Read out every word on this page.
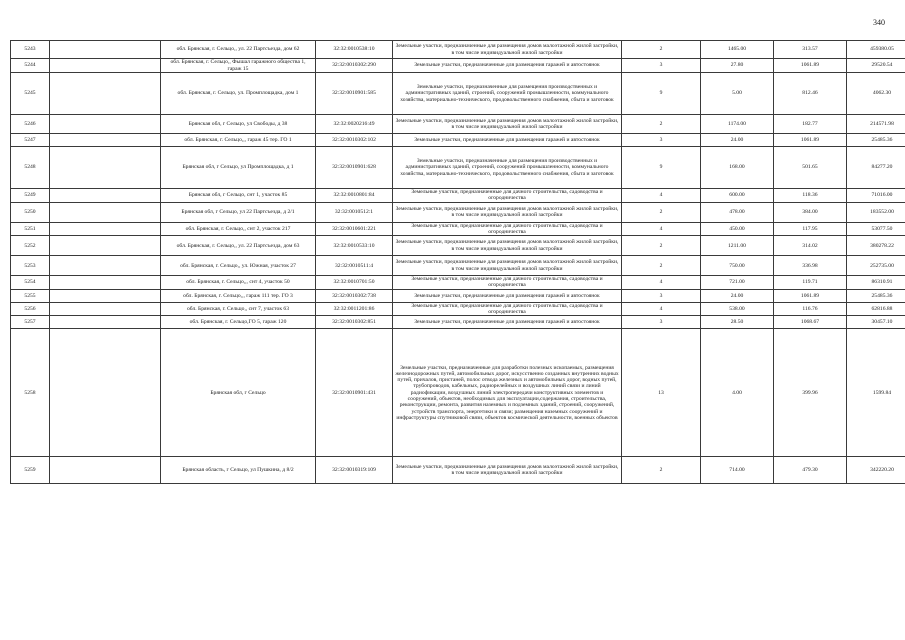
340
5243		обл. Брянская, г. Сельцо,, ул. 22 Партсъезда, дом 62	32:32:0010538:10	Земельные участки, предназначенные для размещения домов малоэтажной жилой застройки, в том числе индивидуальной жилой застройки	2	1465.00	313.57	459380.05
5244		обл. Брянская, г. Сельцо,, Фышал гаражного общества 1, гараж 15	32:32:0010302:290	Земельные участки, предназначенные для размещения гаражей и автостоянок	3	27.80	1061.89	29520.54
5245		обл. Брянская, г. Сельцо, ул. Промплощадка, дом 1	32:32:0010901:585	Земельные участки, предназначенные для размещения производственных и административных зданий, строений, сооружений промышленности, коммунального хозяйства, материально-технического, продовольственного снабжения, сбыта и заготовок	9	5.00	812.46	4062.30
5246		Брянская обл, г Сельцо, ул Свободы, д 38	32:32:0020216:49	Земельные участки, предназначенные для размещения домов малоэтажной жилой застройки, в том числе индивидуальной жилой застройки	2	1174.00	182.77	214571.98
5247		обл. Брянская, г. Сельцо,,, гараж 45 тер. ГО 1	32:32:0010302:102	Земельные участки, предназначенные для размещения гаражей и автостоянок	3	24.00	1061.89	25485.36
5248		Брянская обл, г Сельцо, ул Промплощадка, д 1	32:32:0010901:628	Земельные участки, предназначенные для размещения производственных и административных зданий, строений, сооружений промышленности, коммунального хозяйства, материально-технического, продовольственного снабжения, сбыта и заготовок	9	168.00	501.65	84277.20
5249		Брянская обл, г Сельцо, снт 1, участок 85	32:32:0010801:84	Земельные участки, предназначенные для дачного строительства, садоводства и огородничества	4	600.00	118.36	71016.00
5250		Брянская обл, г Сельцо, ул 22 Партсъезда, д 2/1	32:32:0010512:1	Земельные участки, предназначенные для размещения домов малоэтажной жилой застройки, в том числе индивидуальной жилой застройки	2	478.00	384.00	183552.00
5251		обл. Брянская, г. Сельцо,, снт 2, участок 217	32:32:0010601:221	Земельные участки, предназначенные для дачного строительства, садоводства и огородничества	4	450.00	117.95	53077.50
5252		обл. Брянская, г. Сельцо,, ул. 22 Партсъезда, дом 63	32:32:0010533:10	Земельные участки, предназначенные для размещения домов малоэтажной жилой застройки, в том числе индивидуальной жилой застройки	2	1211.00	314.02	380278.22
5253		обл. Брянская, г. Сельцо,, ул. Южная, участок 27	32:32:0010511:4	Земельные участки, предназначенные для размещения домов малоэтажной жилой застройки, в том числе индивидуальной жилой застройки	2	750.00	336.98	252735.00
5254		обл. Брянская, г. Сельцо,,, снт 4, участок 50	32:32:0010701:50	Земельные участки, предназначенные для дачного строительства, садоводства и огородничества	4	721.00	119.71	86310.91
5255		обл. Брянская, г. Сельцо,,, гараж 111 тер. ГО 3	32:32:0010302:738	Земельные участки, предназначенные для размещения гаражей и автостоянок	3	24.00	1061.89	25485.36
5256		обл. Брянская, г. Сельцо,, снт 7, участок 63	32:32:0011201:86	Земельные участки, предназначенные для дачного строительства, садоводства и огородничества	4	538.00	116.76	62816.88
5257		обл. Брянская, г. Сельцо,ГО 5, гараж 120	32:32:0010302:851	Земельные участки, предназначенные для размещения гаражей и автостоянок	3	28.50	1068.67	30457.10
5258		Брянская обл, г Сельцо	32:32:0010901:431	Земельные участки, предназначенные для разработки полезных ископаемых, размещения железнодорожных путей, автомобильных дорог, искусственно созданных внутренних водных путей, причалов, пристаней, полос отвода железных и автомобильных дорог, водных путей, трубопроводов, кабельных, радиорелейных и воздушных линий связи и линий радиофикации, воздушных линий электропередачи конструктивных элементов и сооружений, объектов, необходимых для эксплуатации,содержания, строительства, реконструкции, ремонта, развития наземных и подземных зданий, строений, сооружений, устройств транспорта, энергетики и связи; размещения наземных сооружений и инфраструктуры спутниковой связи, объектов космической деятельности, военных объектов	13	4.00	399.96	1599.84
5259		Брянская область, г Сельцо, ул Пушкина, д 8/2	32:32:0010319:109	Земельные участки, предназначенные для размещения домов малоэтажной жилой застройки, в том числе индивидуальной жилой застройки	2	714.00	479.30	342220.20
